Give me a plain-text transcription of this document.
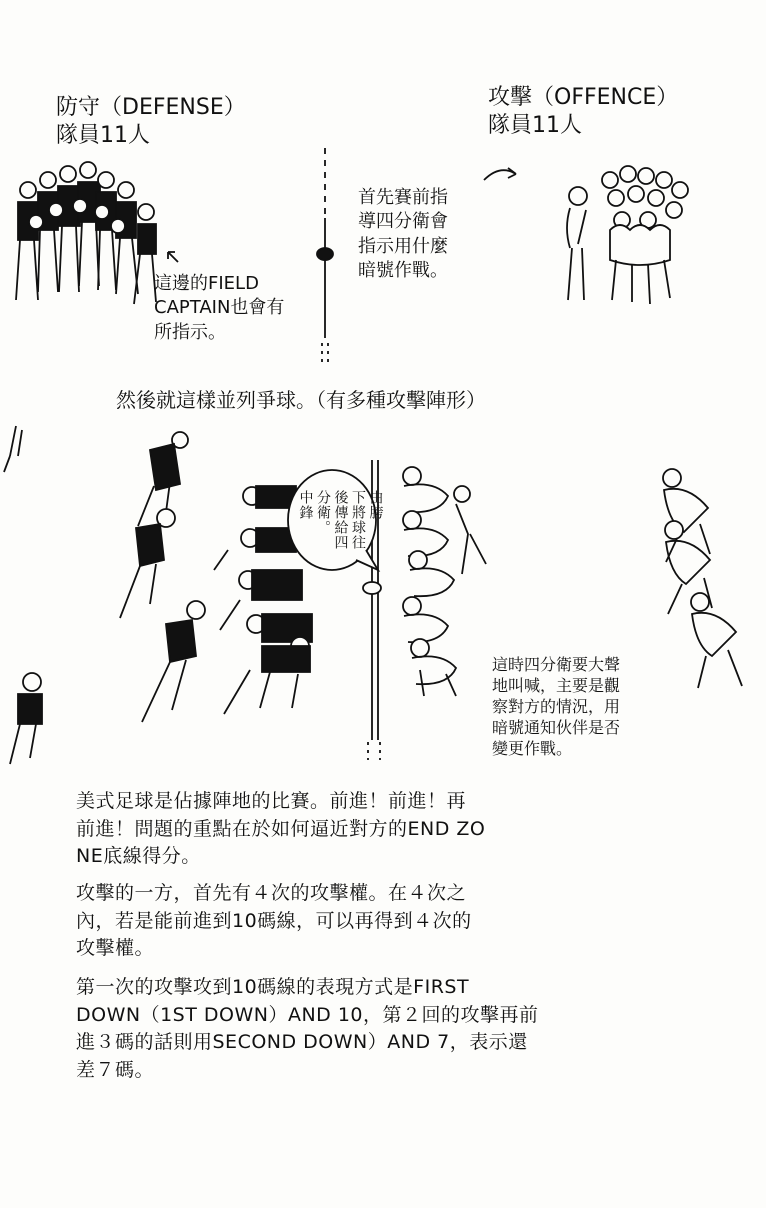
防守（DEFENSE）
隊員11人
攻擊（OFFENCE）
隊員11人
這邊的FIELD
CAPTAIN也會有
所指示。
首先賽前指
導四分衛會
指示用什麼
暗號作戰。
然後就這樣並列爭球。（有多種攻擊陣形）
由胯
下將球往
後傳給四
分衛。
中鋒
這時四分衛要大聲
地叫喊，主要是觀
察對方的情況，用
暗號通知伙伴是否
變更作戰。
美式足球是佔據陣地的比賽。前進！前進！再
前進！問題的重點在於如何逼近對方的END ZO
NE底線得分。
攻擊的一方，首先有４次的攻擊權。在４次之
內，若是能前進到10碼線，可以再得到４次的
攻擊權。
第一次的攻擊攻到10碼線的表現方式是FIRST
DOWN（1ST DOWN）AND 10，第２回的攻擊再前
進３碼的話則用SECOND DOWN）AND 7，表示還
差７碼。
